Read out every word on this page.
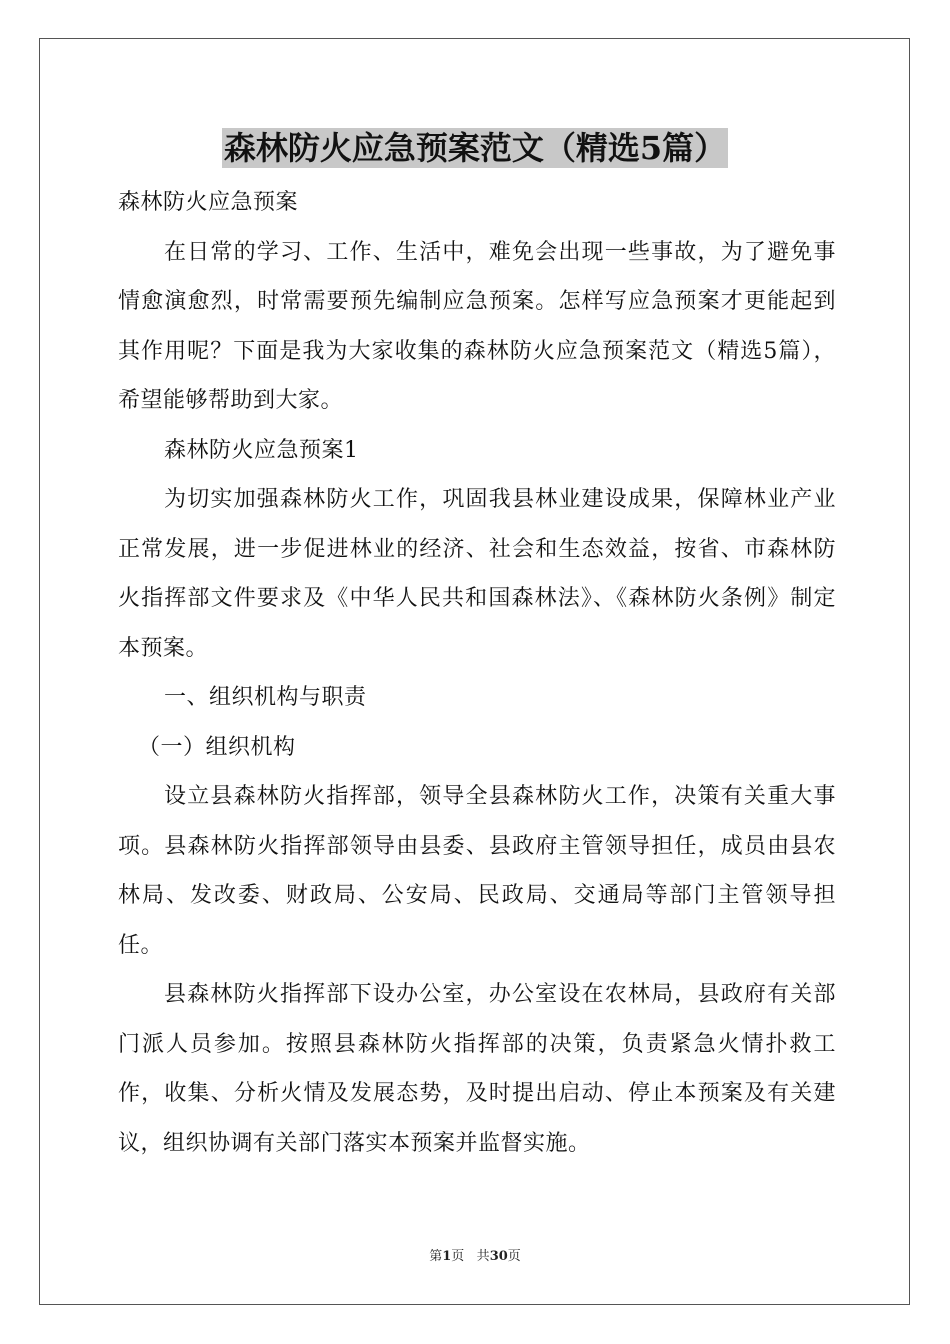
森林防火应急预案范文（精选5篇）

森林防火应急预案

在日常的学习、工作、生活中，难免会出现一些事故，为了避免事情愈演愈烈，时常需要预先编制应急预案。怎样写应急预案才更能起到其作用呢？下面是我为大家收集的森林防火应急预案范文（精选5篇），希望能够帮助到大家。

森林防火应急预案1

为切实加强森林防火工作，巩固我县林业建设成果，保障林业产业正常发展，进一步促进林业的经济、社会和生态效益，按省、市森林防火指挥部文件要求及《中华人民共和国森林法》、《森林防火条例》制定本预案。

一、组织机构与职责

（一）组织机构

设立县森林防火指挥部，领导全县森林防火工作，决策有关重大事项。县森林防火指挥部领导由县委、县政府主管领导担任，成员由县农林局、发改委、财政局、公安局、民政局、交通局等部门主管领导担任。

县森林防火指挥部下设办公室，办公室设在农林局，县政府有关部门派人员参加。按照县森林防火指挥部的决策，负责紧急火情扑救工作，收集、分析火情及发展态势，及时提出启动、停止本预案及有关建议，组织协调有关部门落实本预案并监督实施。

第1页 共30页
